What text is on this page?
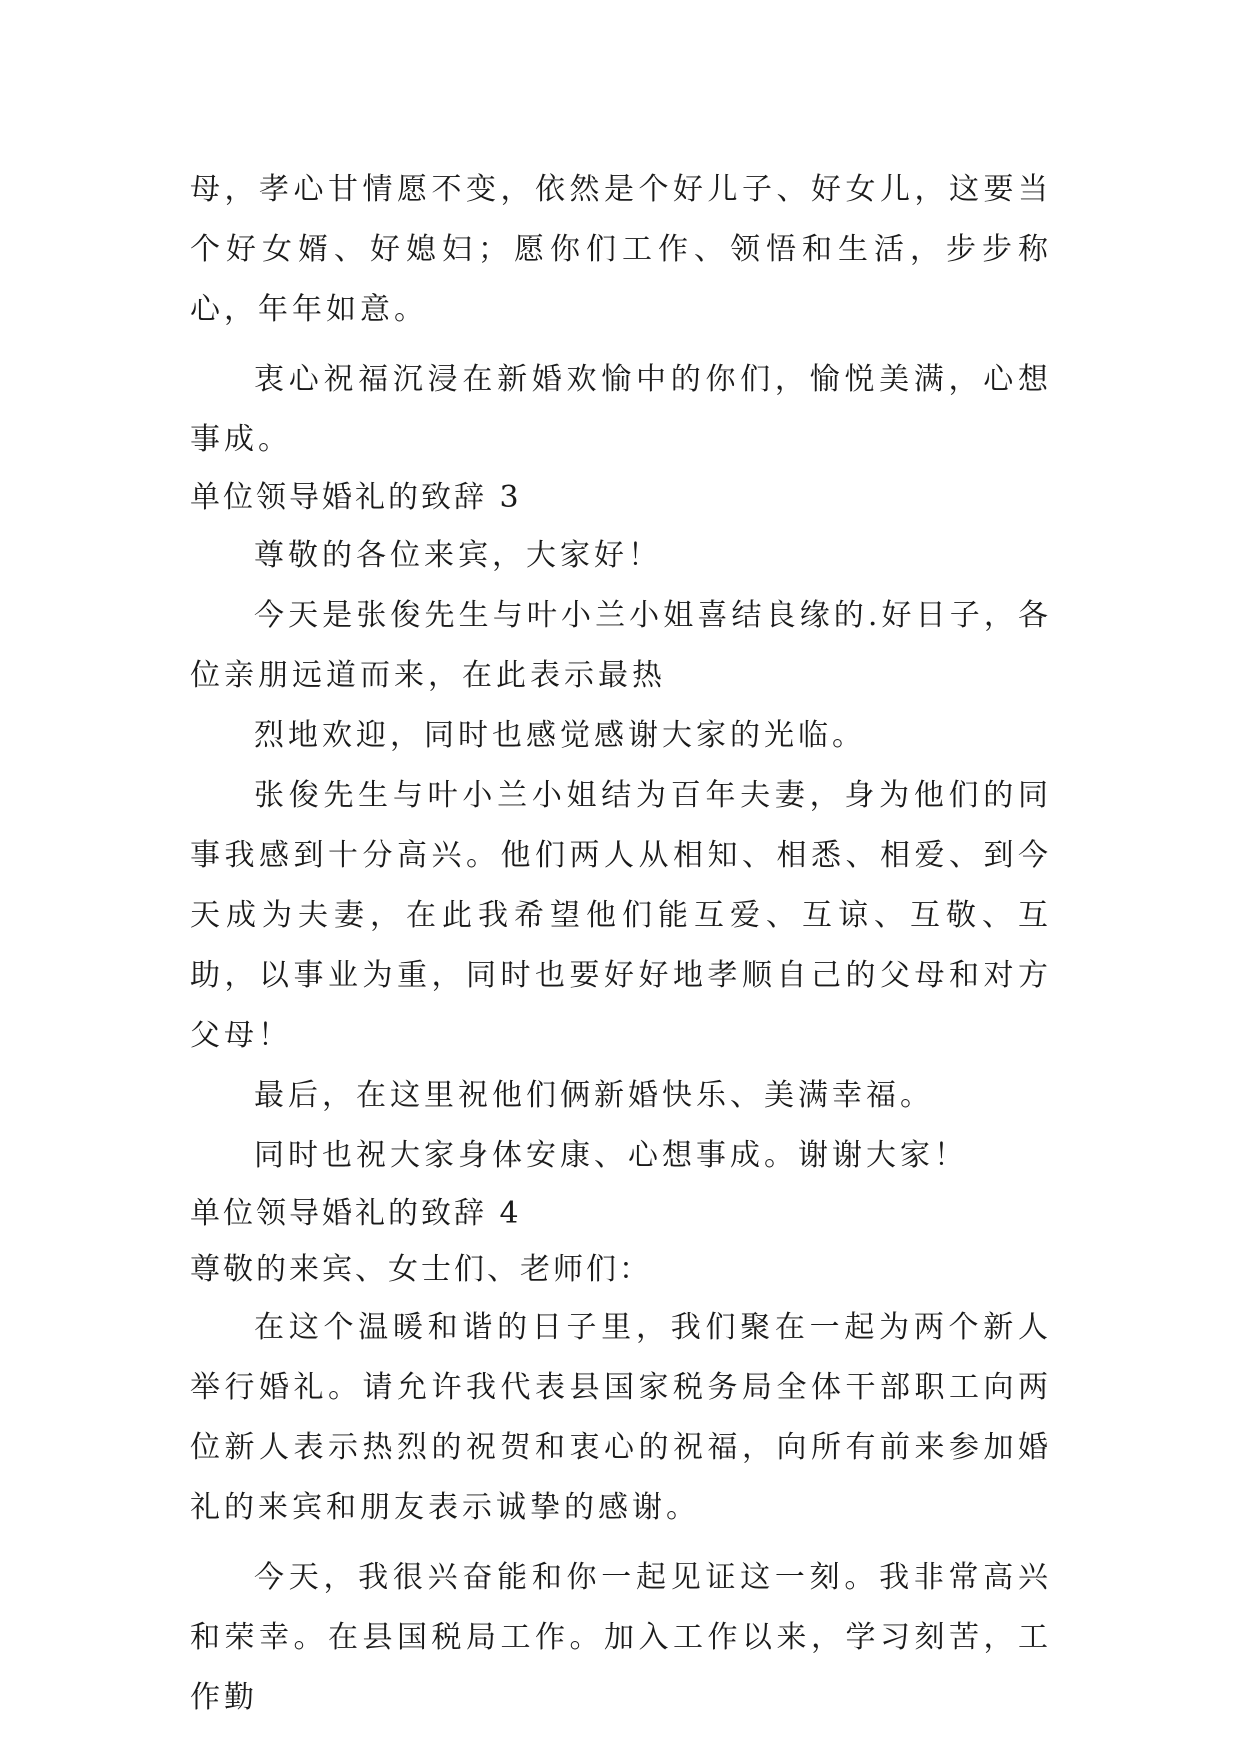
母，孝心甘情愿不变，依然是个好儿子、好女儿，这要当个好女婿、好媳妇；愿你们工作、领悟和生活，步步称心，年年如意。

衷心祝福沉浸在新婚欢愉中的你们，愉悦美满，心想事成。

单位领导婚礼的致辞 3

尊敬的各位来宾，大家好！

今天是张俊先生与叶小兰小姐喜结良缘的.好日子，各位亲朋远道而来，在此表示最热

烈地欢迎，同时也感觉感谢大家的光临。

张俊先生与叶小兰小姐结为百年夫妻，身为他们的同事我感到十分高兴。他们两人从相知、相悉、相爱、到今天成为夫妻，在此我希望他们能互爱、互谅、互敬、互助，以事业为重，同时也要好好地孝顺自己的父母和对方父母！

最后，在这里祝他们俩新婚快乐、美满幸福。

同时也祝大家身体安康、心想事成。谢谢大家！

单位领导婚礼的致辞 4

尊敬的来宾、女士们、老师们：

在这个温暖和谐的日子里，我们聚在一起为两个新人举行婚礼。请允许我代表县国家税务局全体干部职工向两位新人表示热烈的祝贺和衷心的祝福，向所有前来参加婚礼的来宾和朋友表示诚挚的感谢。

今天，我很兴奋能和你一起见证这一刻。我非常高兴和荣幸。在县国税局工作。加入工作以来，学习刻苦，工作勤
